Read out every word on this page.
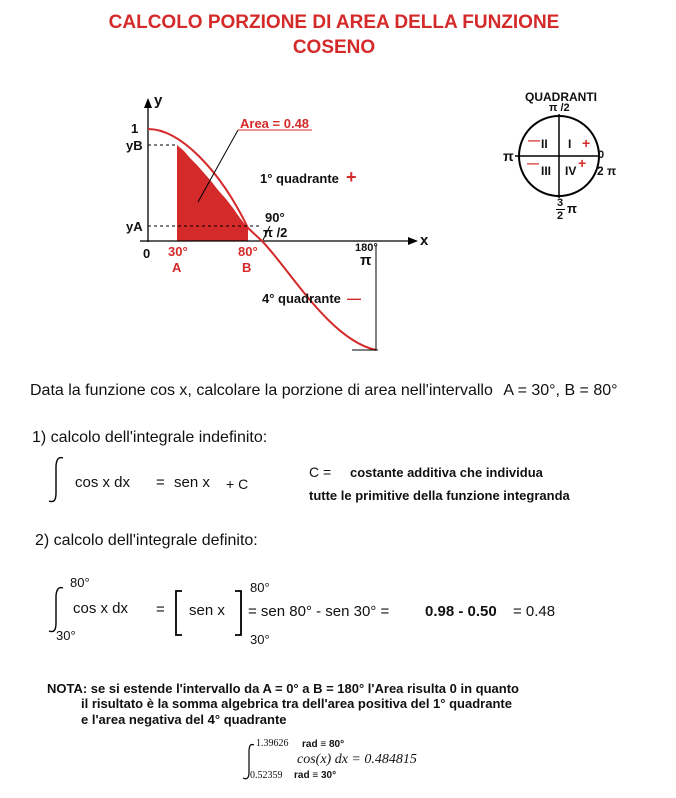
CALCOLO PORZIONE DI AREA DELLA FUNZIONE
COSENO
y
x
1
yB
yA
0
Area = 0.48
1° quadrante +
90°
π /2
30°
A
80°
B
180°
π
4° quadrante —
QUADRANTI
π /2
π	0
2 π
I
II
III IV
+
—
—	+
3
2 π
Data la funzione cos x, calcolare la porzione di area nell'intervallo A = 30°, B = 80°
1) calcolo dell'integrale indefinito:
cos x dx = sen x + C
C = costante additiva che individua
tutte le primitive della funzione integranda
2) calcolo dell'integrale definito:
80°
30°
cos x dx = sen x
80°
30°
= sen 80° - sen 30° = 0.98 - 0.50 = 0.48
NOTA: se si estende l'intervallo da A = 0° a B = 180° l'Area risulta 0 in quanto
il risultato è la somma algebrica tra dell'area positiva del 1° quadrante
e l'area negativa del 4° quadrante
1.39626 rad ≡ 80°
0.52359 rad ≡ 30°
cos(x) dx = 0.484815
